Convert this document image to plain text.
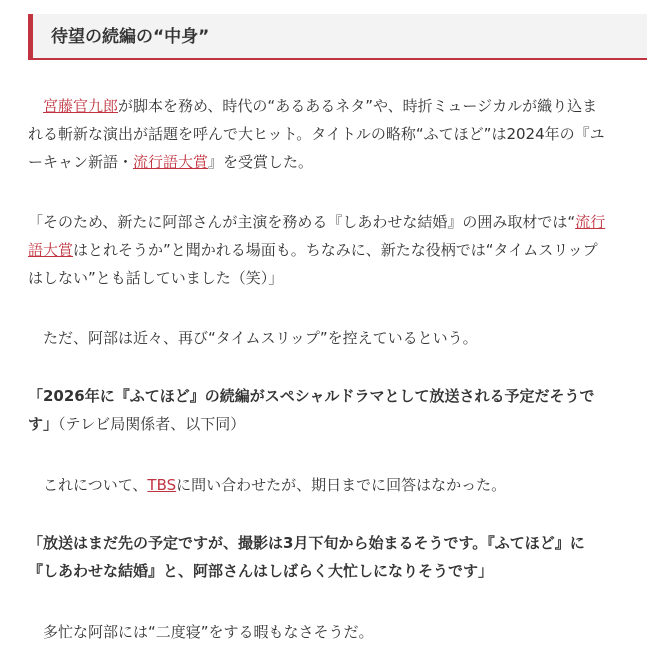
待望の続編の“中身”
　宮藤官九郎が脚本を務め、時代の“あるあるネタ”や、時折ミュージカルが織り込ま
れる斬新な演出が話題を呼んで大ヒット。タイトルの略称“ふてほど”は2024年の『ユ
ーキャン新語・流行語大賞』を受賞した。
「そのため、新たに阿部さんが主演を務める『しあわせな結婚』の囲み取材では“流行
語大賞はとれそうか”と聞かれる場面も。ちなみに、新たな役柄では“タイムスリップ
はしない”とも話していました（笑）」
　ただ、阿部は近々、再び“タイムスリップ”を控えているという。
「2026年に『ふてほど』の続編がスペシャルドラマとして放送される予定だそうで
す」（テレビ局関係者、以下同）
　これについて、TBSに問い合わせたが、期日までに回答はなかった。
「放送はまだ先の予定ですが、撮影は3月下旬から始まるそうです。『ふてほど』に
『しあわせな結婚』と、阿部さんはしばらく大忙しになりそうです」
　多忙な阿部には“二度寝”をする暇もなさそうだ。
